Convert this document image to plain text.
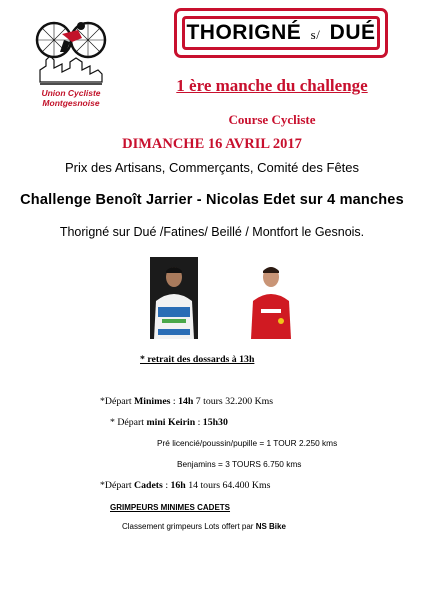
Union Cycliste
Montgesnoise
THORIGNÉ s/ DUÉ
1 ère manche du challenge
Course Cycliste
DIMANCHE 16 AVRIL 2017
Prix des Artisans, Commerçants, Comité des Fêtes
Challenge Benoît Jarrier - Nicolas Edet sur 4 manches
Thorigné sur Dué /Fatines/ Beillé / Montfort le Gesnois.
* retrait des dossards à 13h
*Départ Minimes : 14h 7 tours 32.200 Kms
* Départ mini Keirin : 15h30
Pré licencié/poussin/pupille = 1 TOUR 2.250 kms
Benjamins = 3 TOURS 6.750 kms
*Départ Cadets : 16h 14 tours 64.400 Kms
GRIMPEURS MINIMES CADETS
Classement grimpeurs Lots offert par NS Bike
